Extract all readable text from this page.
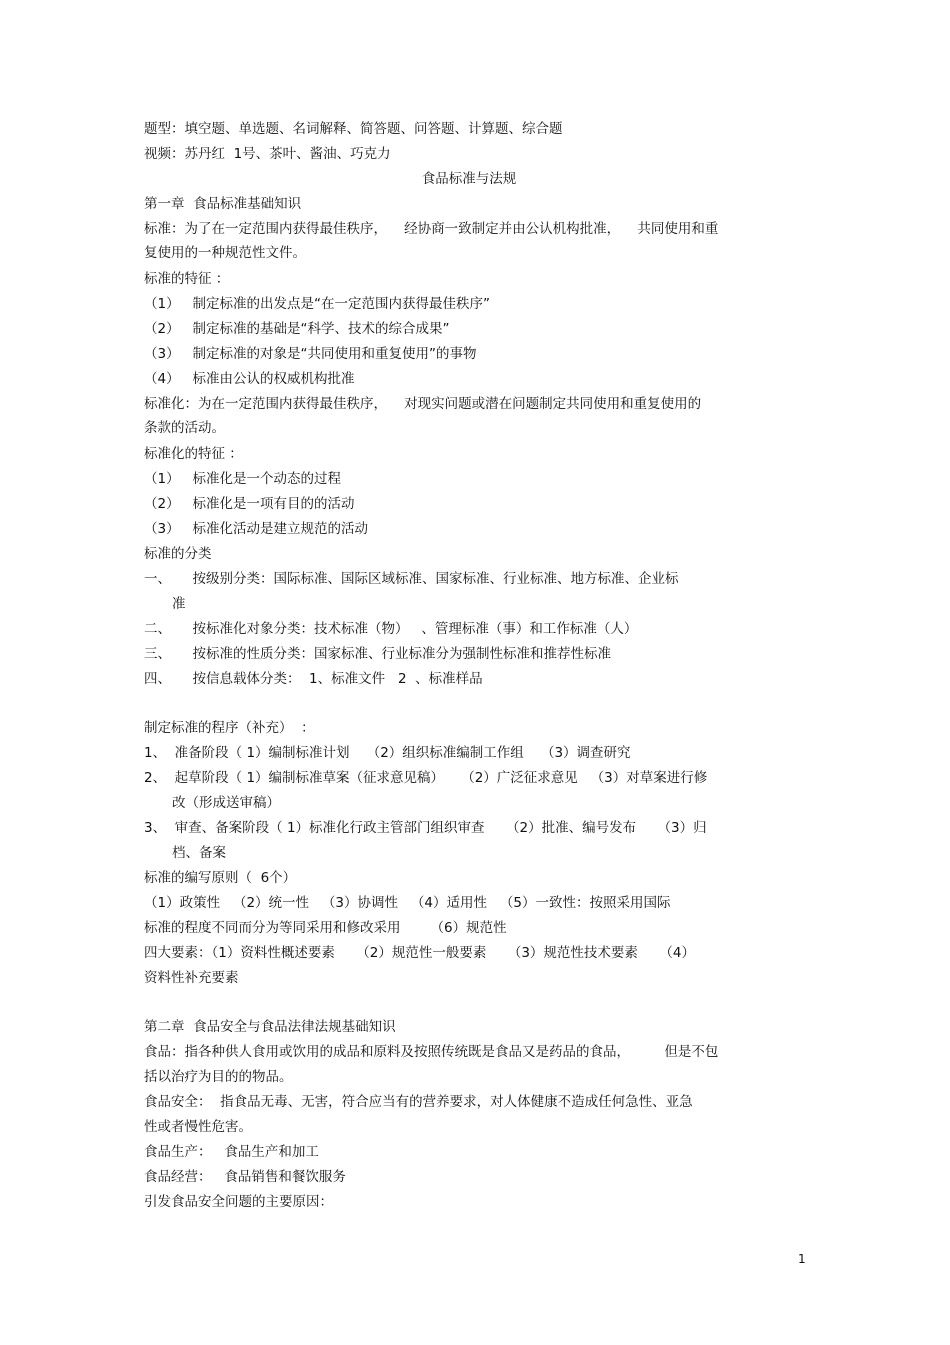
题型：填空题、单选题、名词解释、简答题、问答题、计算题、综合题
视频：苏丹红  1号、茶叶、酱油、巧克力
食品标准与法规
第一章  食品标准基础知识
标准：为了在一定范围内获得最佳秩序，    经协商一致制定并由公认机构批准，    共同使用和重
复使用的一种规范性文件。
标准的特征 ：
（1）   制定标准的出发点是“在一定范围内获得最佳秩序”
（2）   制定标准的基础是“科学、技术的综合成果”
（3）   制定标准的对象是“共同使用和重复使用”的事物
（4）   标准由公认的权威机构批准
标准化：为在一定范围内获得最佳秩序，    对现实问题或潜在问题制定共同使用和重复使用的
条款的活动。
标准化的特征 ：
（1）   标准化是一个动态的过程
（2）   标准化是一项有目的的活动
（3）   标准化活动是建立规范的活动
标准的分类
一、     按级别分类：国际标准、国际区域标准、国家标准、行业标准、地方标准、企业标
准
二、     按标准化对象分类：技术标准（物）   、管理标准（事）和工作标准（人）
三、     按标准的性质分类：国家标准、行业标准分为强制性标准和推荐性标准
四、     按信息载体分类：  1、标准文件   2  、标准样品
制定标准的程序（补充）  ：
1、  准备阶段（ 1）编制标准计划    （2）组织标准编制工作组    （3）调查研究
2、  起草阶段（ 1）编制标准草案（征求意见稿）    （2）广泛征求意见   （3）对草案进行修
改（形成送审稿）
3、  审查、备案阶段（ 1）标准化行政主管部门组织审查     （2）批准、编号发布     （3）归
档、备案
标准的编写原则（  6个）
（1）政策性   （2）统一性   （3）协调性   （4）适用性   （5）一致性：按照采用国际
标准的程度不同而分为等同采用和修改采用       （6）规范性
四大要素：（1）资料性概述要素     （2）规范性一般要素     （3）规范性技术要素     （4）
资料性补充要素
第二章  食品安全与食品法律法规基础知识
食品：指各种供人食用或饮用的成品和原料及按照传统既是食品又是药品的食品，        但是不包
括以治疗为目的的物品。
食品安全：  指食品无毒、无害，符合应当有的营养要求，对人体健康不造成任何急性、亚急
性或者慢性危害。
食品生产：   食品生产和加工
食品经营：   食品销售和餐饮服务
引发食品安全问题的主要原因：
1
